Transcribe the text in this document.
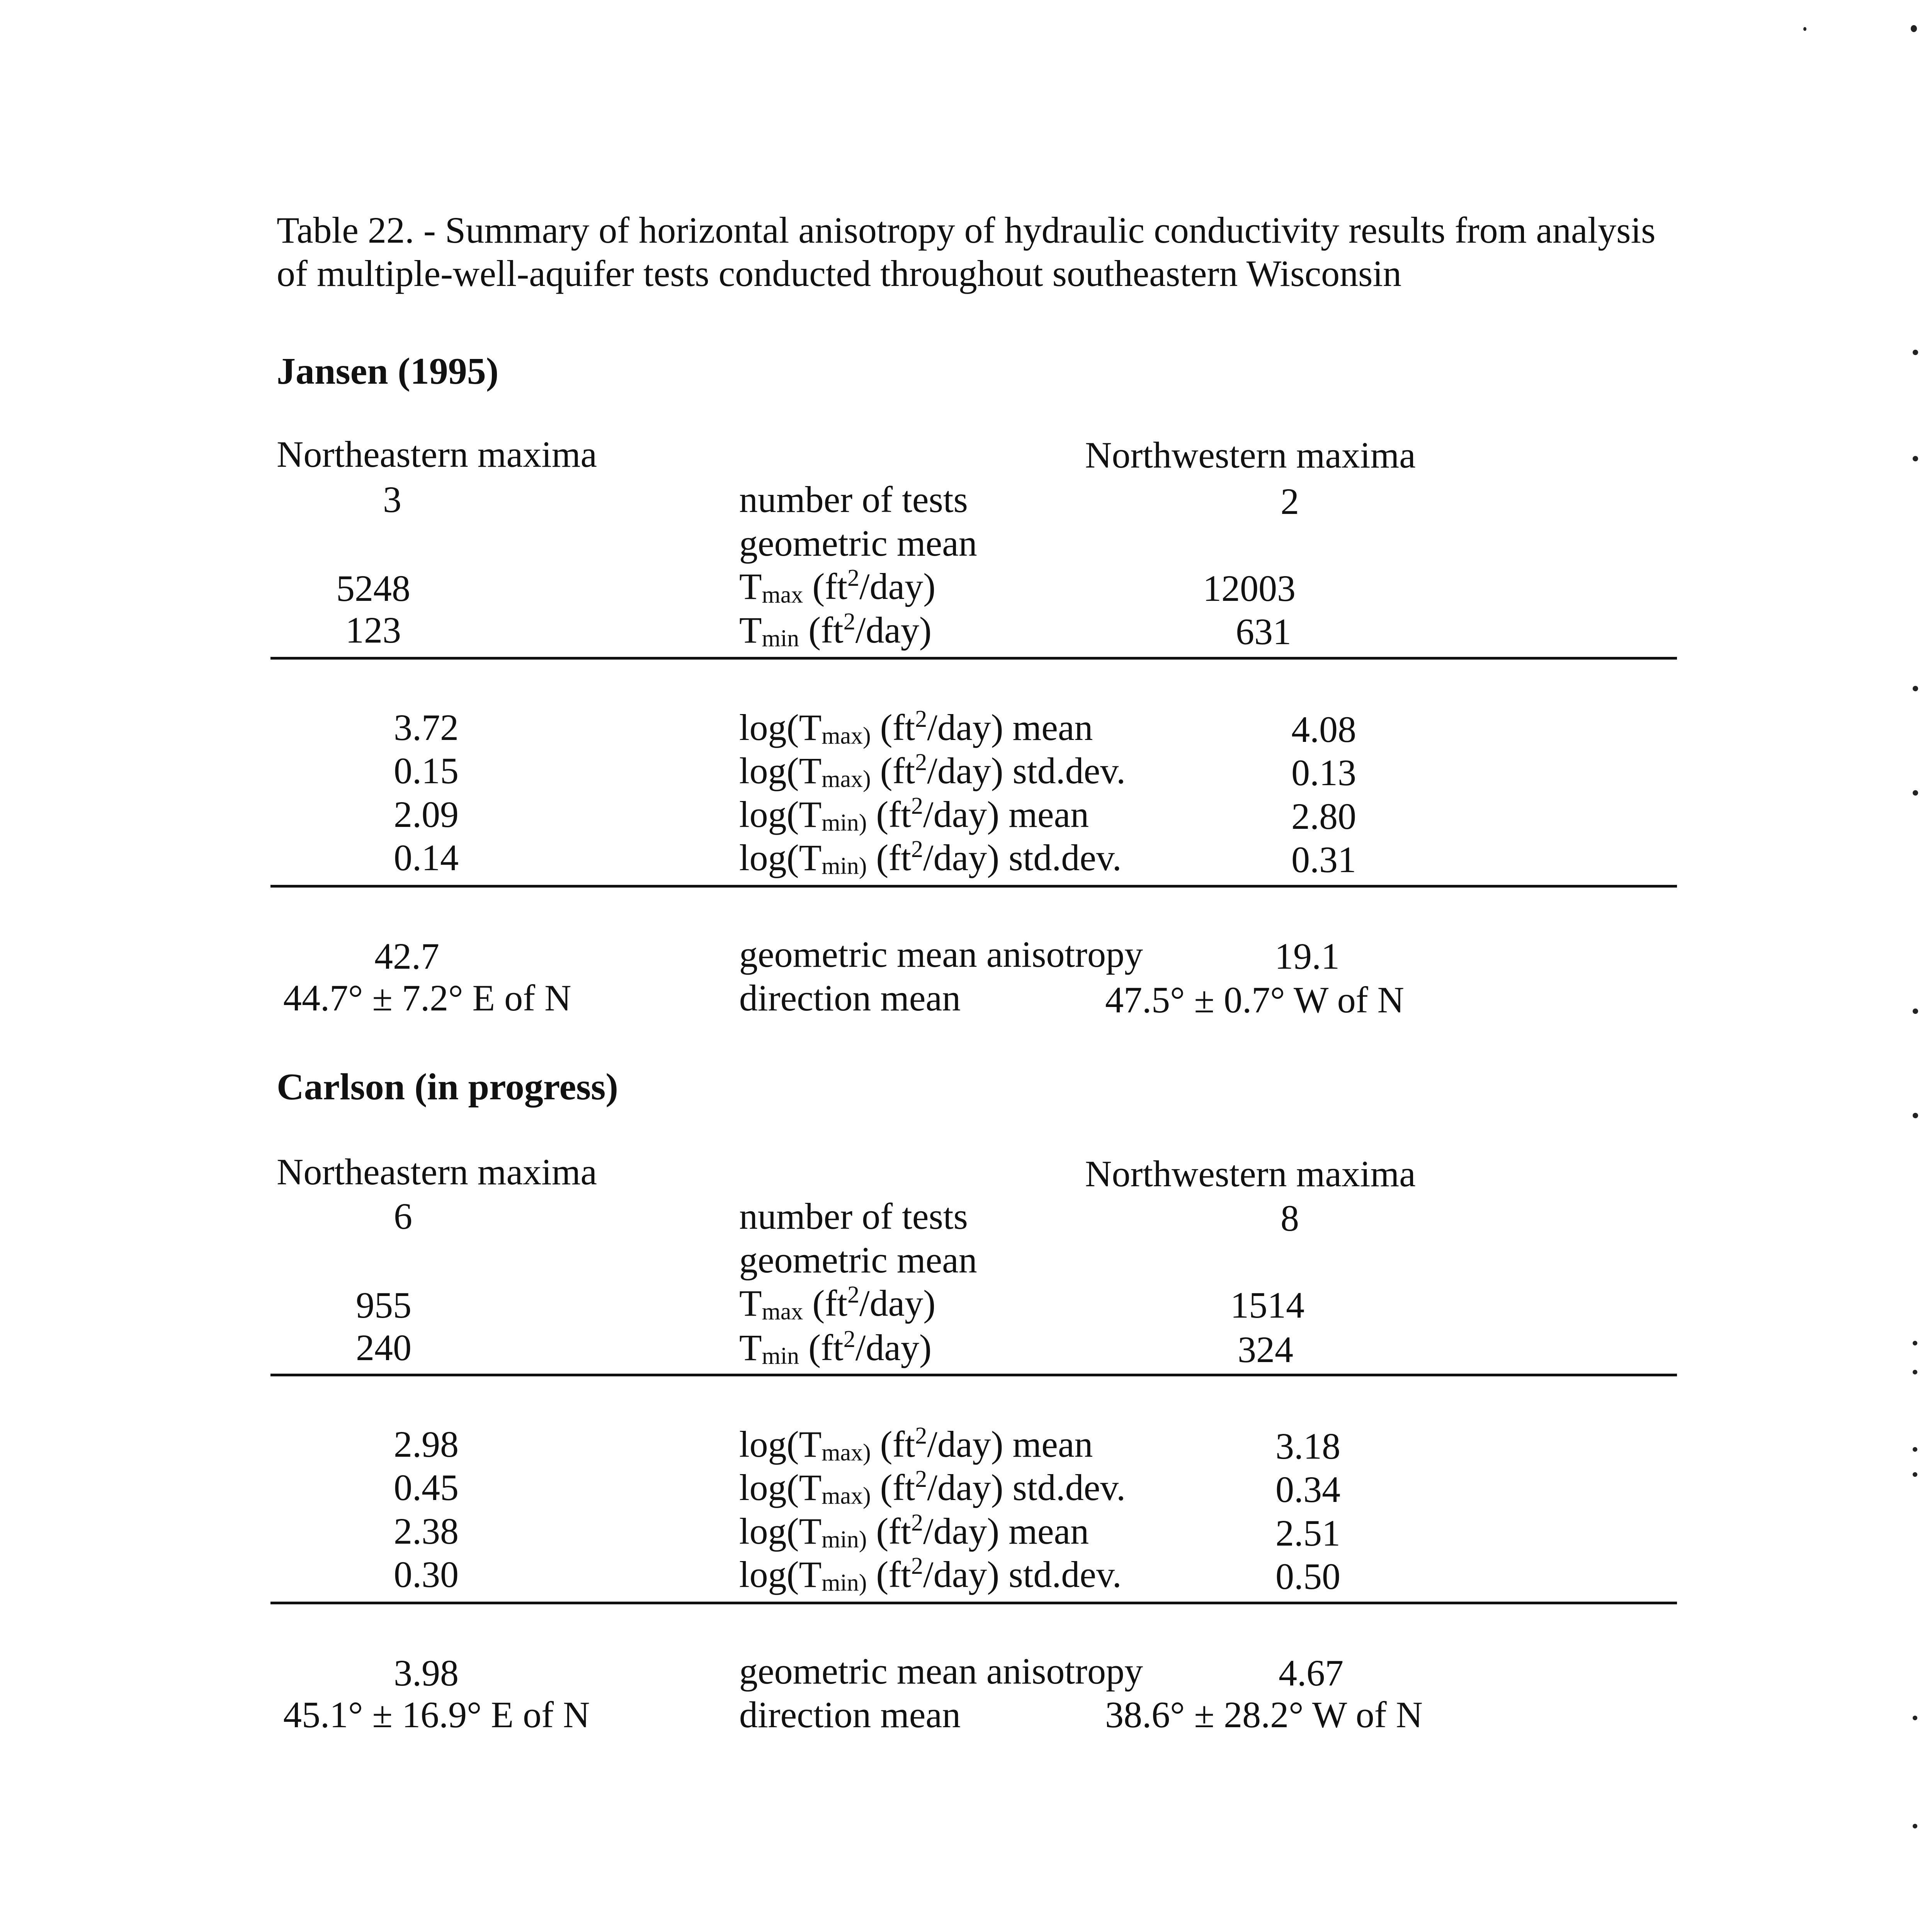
Table 22. - Summary of horizontal anisotropy of hydraulic conductivity results from analysis of multiple-well-aquifer tests conducted throughout southeastern Wisconsin
Jansen (1995)
Northeastern maxima	Northwestern maxima
3	number of tests	2
geometric mean
5248	$T_{max}$ $(ft^2/day)$	12003
123	$T_{min}$ $(ft^2/day)$	631
3.72	$\log(T_{max)}$ $(ft^2/day)$ mean	4.08
0.15	$\log(T_{max)}$ $(ft^2/day)$ std.dev.	0.13
2.09	$\log(T_{min)}$ $(ft^2/day)$ mean	2.80
0.14	$\log(T_{min)}$ $(ft^2/day)$ std.dev.	0.31
42.7	geometric mean anisotropy	19.1
44.7° ± 7.2° E of N	direction mean	47.5° ± 0.7° W of N
Carlson (in progress)
Northeastern maxima	Northwestern maxima
6	number of tests	8
geometric mean
955	$T_{max}$ $(ft^2/day)$	1514
240	$T_{min}$ $(ft^2/day)$	324
2.98	$\log(T_{max)}$ $(ft^2/day)$ mean	3.18
0.45	$\log(T_{max)}$ $(ft^2/day)$ std.dev.	0.34
2.38	$\log(T_{min)}$ $(ft^2/day)$ mean	2.51
0.30	$\log(T_{min)}$ $(ft^2/day)$ std.dev.	0.50
3.98	geometric mean anisotropy	4.67
45.1° ± 16.9° E of N	direction mean	38.6° ± 28.2° W of N
